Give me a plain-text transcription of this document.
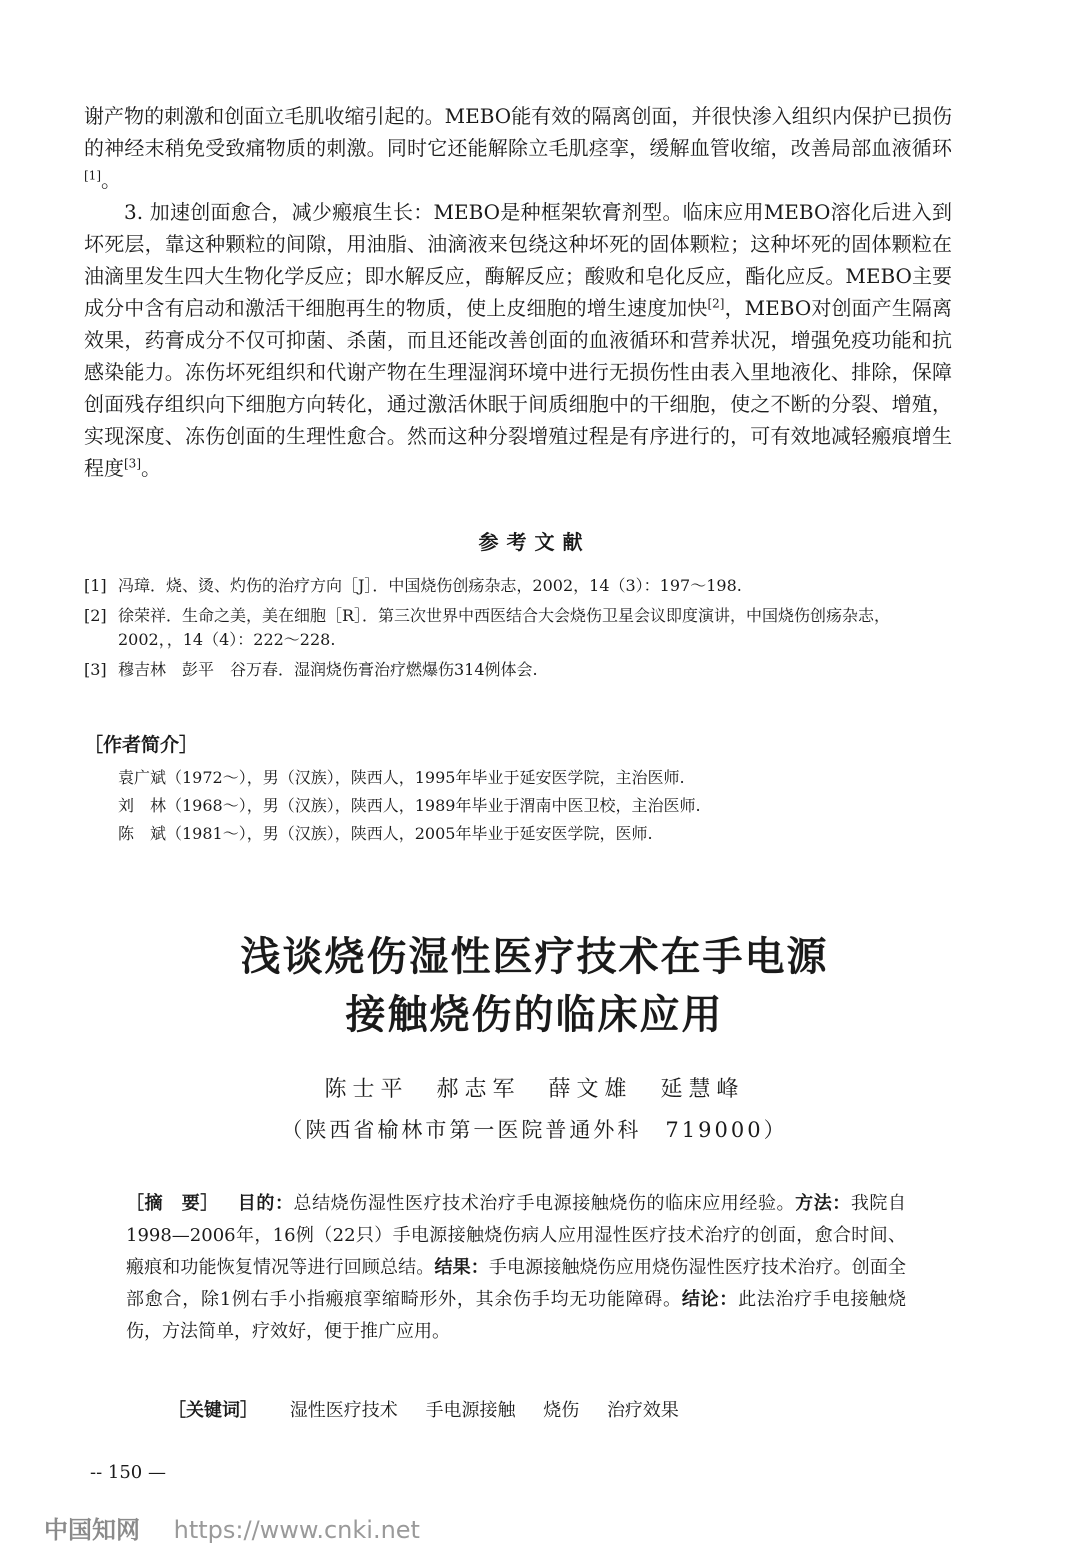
谢产物的刺激和创面立毛肌收缩引起的。MEBO能有效的隔离创面，并很快渗入组织内保护已损伤的神经末稍免受致痛物质的刺激。同时它还能解除立毛肌痉挛，缓解血管收缩，改善局部血液循环[1]。

3. 加速创面愈合，减少瘢痕生长：MEBO是种框架软膏剂型。临床应用MEBO溶化后进入到坏死层，靠这种颗粒的间隙，用油脂、油滴液来包绕这种坏死的固体颗粒；这种坏死的固体颗粒在油滴里发生四大生物化学反应；即水解反应，酶解反应；酸败和皂化反应，酯化应反。MEBO主要成分中含有启动和激活干细胞再生的物质，使上皮细胞的增生速度加快[2]，MEBO对创面产生隔离效果，药膏成分不仅可抑菌、杀菌，而且还能改善创面的血液循环和营养状况，增强免疫功能和抗感染能力。冻伤坏死组织和代谢产物在生理湿润环境中进行无损伤性由表入里地液化、排除，保障创面残存组织向下细胞方向转化，通过激活休眠于间质细胞中的干细胞，使之不断的分裂、增殖，实现深度、冻伤创面的生理性愈合。然而这种分裂增殖过程是有序进行的，可有效地减轻瘢痕增生程度[3]。

参考文献
[1] 冯璋．烧、烫、灼伤的治疗方向［J］．中国烧伤创疡杂志，2002，14（3）：197～198.
[2] 徐荣祥．生命之美，美在细胞［R］．第三次世界中西医结合大会烧伤卫星会议即度演讲，中国烧伤创疡杂志，2002，，14（4）：222～228.
[3] 穆吉林　彭平　谷万春．湿润烧伤膏治疗燃爆伤314例体会.
［作者简介］
袁广斌（1972～），男（汉族），陕西人，1995年毕业于延安医学院，主治医师.
刘　林（1968～），男（汉族），陕西人，1989年毕业于渭南中医卫校，主治医师.
陈　斌（1981～），男（汉族），陕西人，2005年毕业于延安医学院，医师.
浅谈烧伤湿性医疗技术在手电源
接触烧伤的临床应用
陈士平　郝志军　薛文雄　延慧峰
（陕西省榆林市第一医院普通外科　719000）
［摘　要］ 目的：总结烧伤湿性医疗技术治疗手电源接触烧伤的临床应用经验。方法：我院自1998—2006年，16例（22只）手电源接触烧伤病人应用湿性医疗技术治疗的创面，愈合时间、瘢痕和功能恢复情况等进行回顾总结。结果：手电源接触烧伤应用烧伤湿性医疗技术治疗。创面全部愈合，除1例右手小指瘢痕挛缩畸形外，其余伤手均无功能障碍。结论：此法治疗手电接触烧伤，方法简单，疗效好，便于推广应用。
［关键词］ 湿性医疗技术 手电源接触 烧伤 治疗效果
-- 150 —
中国知网 https://www.cnki.net
